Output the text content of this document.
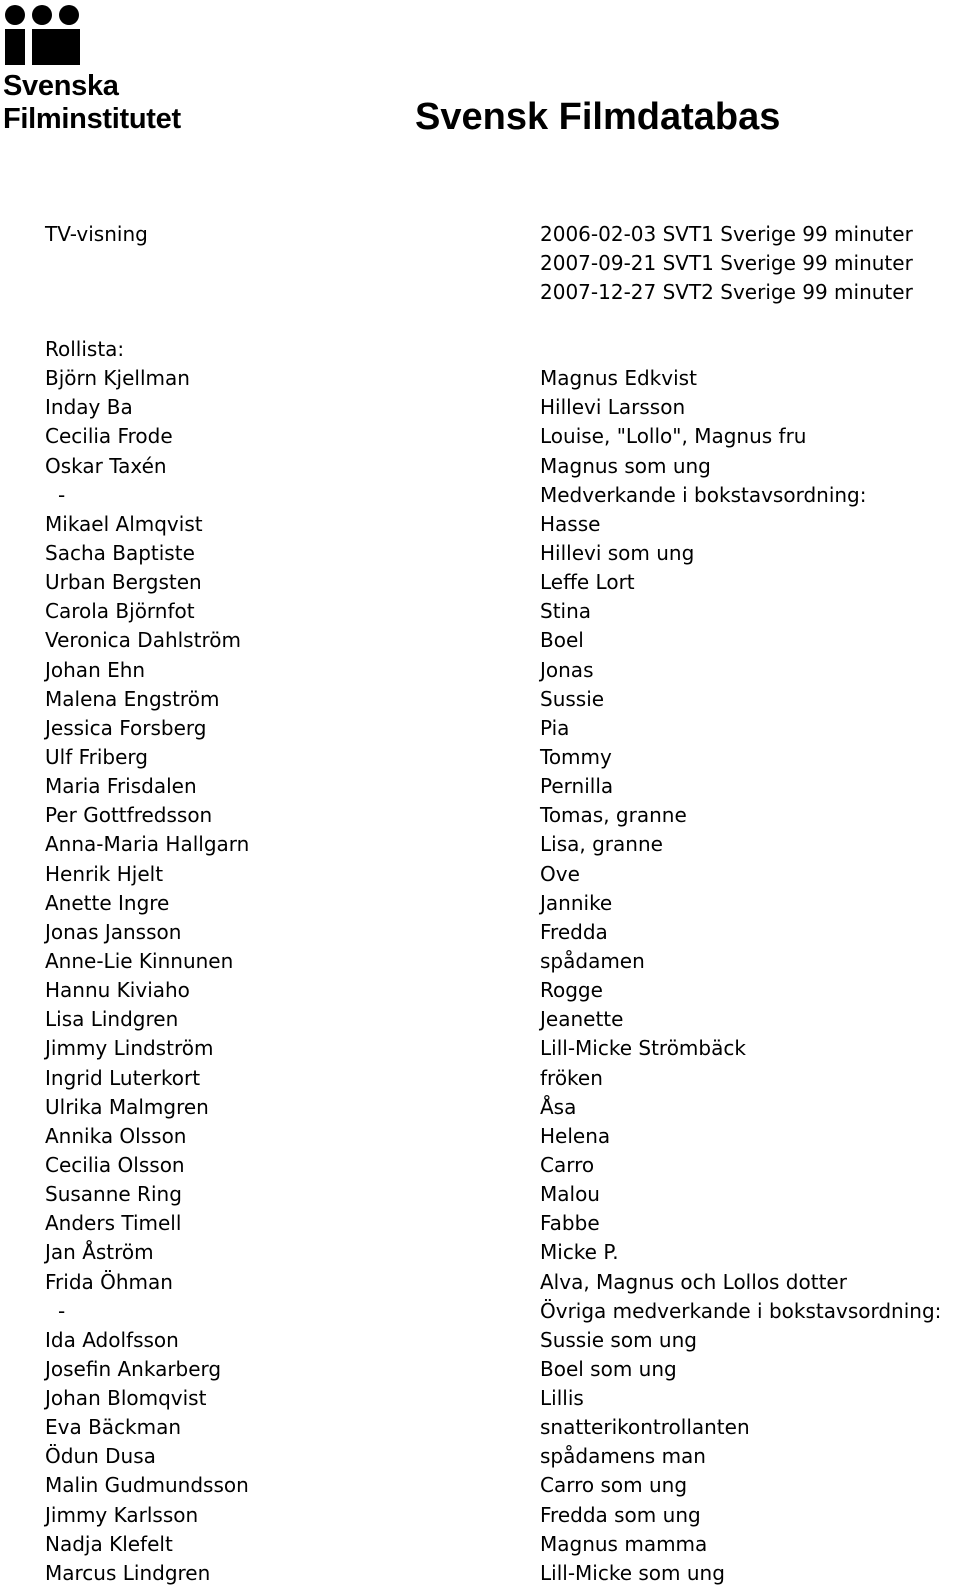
Svenska
Filminstitutet	Svensk Filmdatabas
TV-visning	2006-02-03 SVT1 Sverige 99 minuter
2007-09-21 SVT1 Sverige 99 minuter
2007-12-27 SVT2 Sverige 99 minuter
Rollista:
Björn Kjellman	Magnus Edkvist
Inday Ba	Hillevi Larsson
Cecilia Frode	Louise, "Lollo", Magnus fru
Oskar Taxén	Magnus som ung
-	Medverkande i bokstavsordning:
Mikael Almqvist	Hasse
Sacha Baptiste	Hillevi som ung
Urban Bergsten	Leffe Lort
Carola Björnfot	Stina
Veronica Dahlström	Boel
Johan Ehn	Jonas
Malena Engström	Sussie
Jessica Forsberg	Pia
Ulf Friberg	Tommy
Maria Frisdalen	Pernilla
Per Gottfredsson	Tomas, granne
Anna-Maria Hallgarn	Lisa, granne
Henrik Hjelt	Ove
Anette Ingre	Jannike
Jonas Jansson	Fredda
Anne-Lie Kinnunen	spådamen
Hannu Kiviaho	Rogge
Lisa Lindgren	Jeanette
Jimmy Lindström	Lill-Micke Strömbäck
Ingrid Luterkort	fröken
Ulrika Malmgren	Åsa
Annika Olsson	Helena
Cecilia Olsson	Carro
Susanne Ring	Malou
Anders Timell	Fabbe
Jan Åström	Micke P.
Frida Öhman	Alva, Magnus och Lollos dotter
-	Övriga medverkande i bokstavsordning:
Ida Adolfsson	Sussie som ung
Josefin Ankarberg	Boel som ung
Johan Blomqvist	Lillis
Eva Bäckman	snatterikontrollanten
Ödun Dusa	spådamens man
Malin Gudmundsson	Carro som ung
Jimmy Karlsson	Fredda som ung
Nadja Klefelt	Magnus mamma
Marcus Lindgren	Lill-Micke som ung
